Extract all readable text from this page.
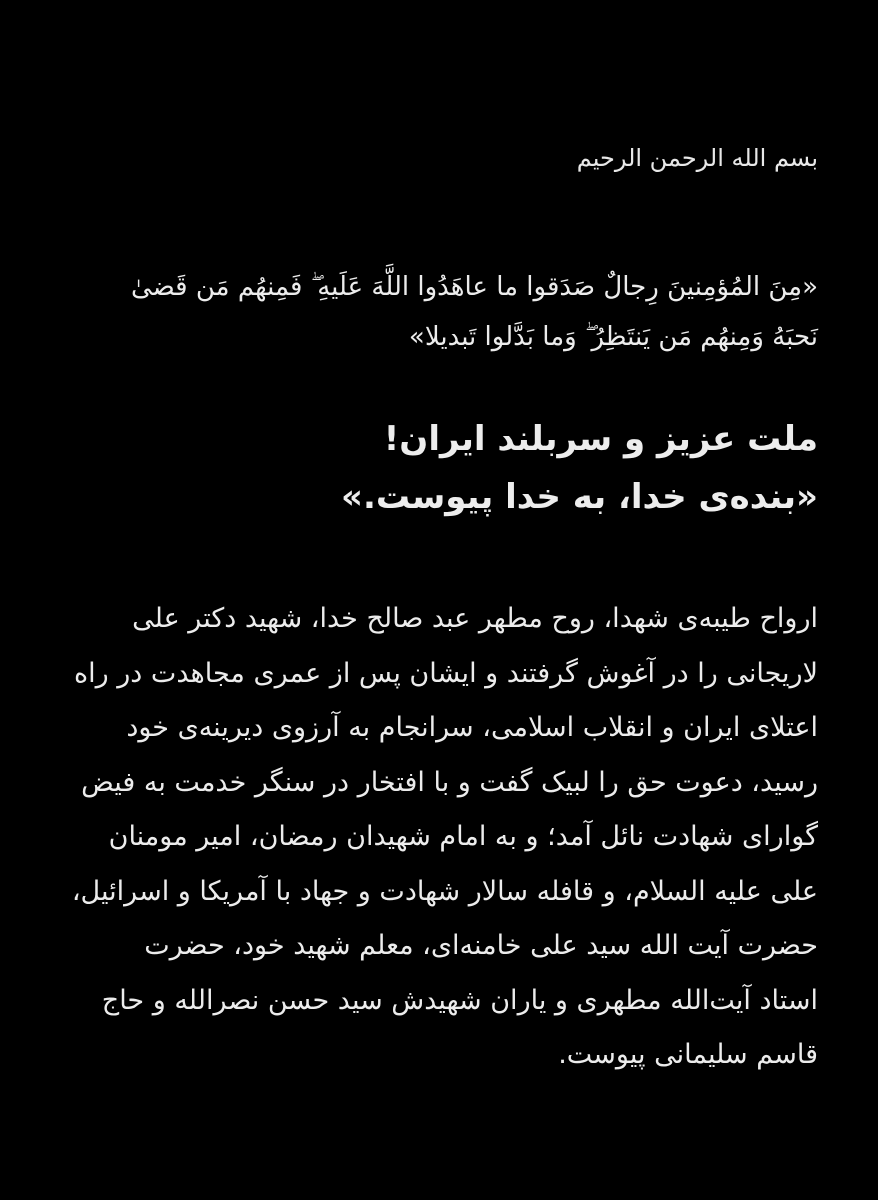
بسم الله الرحمن الرحیم
«مِنَ المُؤمِنينَ رِجالٌ صَدَقوا ما عاهَدُوا اللَّهَ عَلَيهِ ۖ فَمِنهُم مَن قَضىٰ
نَحبَهُ وَمِنهُم مَن يَنتَظِرُ ۖ وَما بَدَّلوا تَبديلا»
ملت عزیز و سربلند ایران!
«بنده‌ی خدا، به خدا پیوست.»
ارواح طیبه‌ی شهدا، روح مطهر عبد صالح خدا، شهید دکتر علی
لاریجانی را در آغوش گرفتند و ایشان پس از عمری مجاهدت در راه
اعتلای ایران و انقلاب اسلامی، سرانجام به آرزوی دیرینه‌ی خود
رسید، دعوت حق را لبیک گفت و با افتخار در سنگر خدمت به فیض
گوارای شهادت نائل آمد؛ و به امام شهیدان رمضان، امیر مومنان
علی علیه السلام، و قافله سالار شهادت و جهاد با آمریکا و اسرائیل،
حضرت آیت الله سید علی خامنه‌ای، معلم شهید خود، حضرت
استاد آیت‌الله مطهری و یاران شهیدش سید حسن نصرالله و حاج
قاسم سلیمانی پیوست.
